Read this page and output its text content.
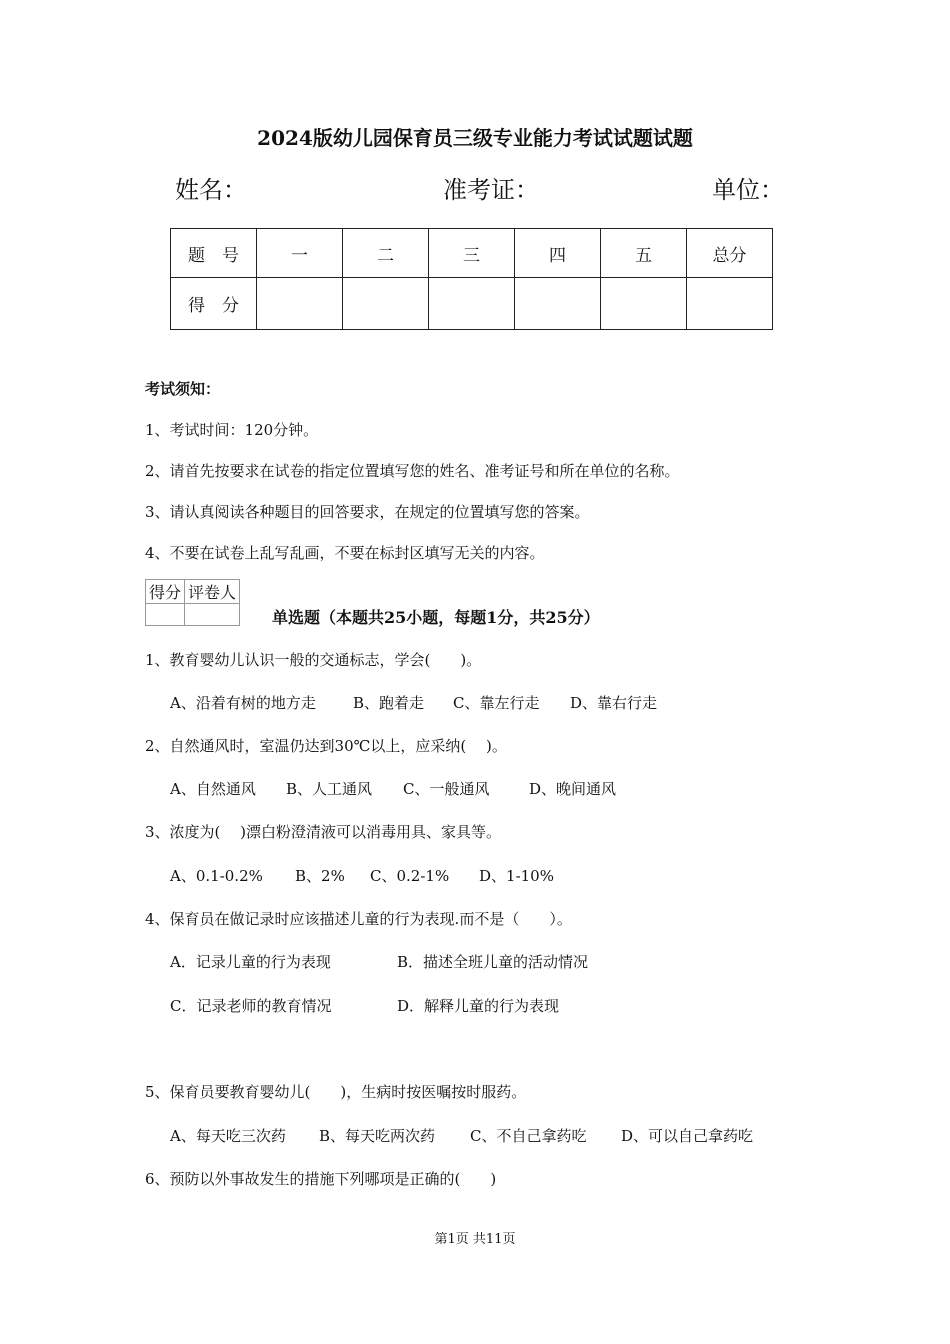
2024版幼儿园保育员三级专业能力考试试题试题
姓名：	准考证：	单位：
题　号	一	二	三	四	五	总分
得　分						
考试须知：
1、考试时间：120分钟。
2、请首先按要求在试卷的指定位置填写您的姓名、准考证号和所在单位的名称。
3、请认真阅读各种题目的回答要求，在规定的位置填写您的答案。
4、不要在试卷上乱写乱画，不要在标封区填写无关的内容。
得分	评卷人

单选题（本题共25小题，每题1分，共25分）
1、教育婴幼儿认识一般的交通标志，学会(　　)。
A、沿着有树的地方走 B、跑着走 C、靠左行走 D、靠右行走
2、自然通风时，室温仍达到30℃以上，应采纳(　 )。
A、自然通风 B、人工通风 C、一般通风	D、晚间通风
3、浓度为(　 )漂白粉澄清液可以消毒用具、家具等。
A、0.1-0.2% B、2% C、0.2-1% D、1-10%
4、保育员在做记录时应该描述儿童的行为表现.而不是（　　）。
A．记录儿童的行为表现	B．描述全班儿童的活动情况
C．记录老师的教育情况	D．解释儿童的行为表现
5、保育员要教育婴幼儿(　　)，生病时按医嘱按时服药。
A、每天吃三次药 B、每天吃两次药 C、不自己拿药吃 D、可以自己拿药吃
6、预防以外事故发生的措施下列哪项是正确的(　　)
第1页 共11页
